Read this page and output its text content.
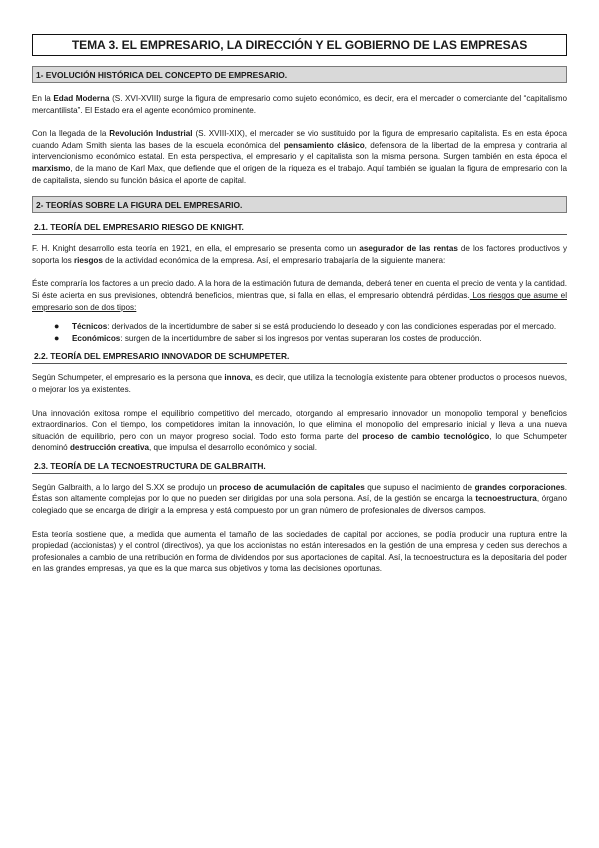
TEMA 3. EL EMPRESARIO, LA DIRECCIÓN Y EL GOBIERNO DE LAS EMPRESAS
1- EVOLUCIÓN HISTÓRICA DEL CONCEPTO DE EMPRESARIO.

En la Edad Moderna (S. XVI-XVIII) surge la figura de empresario como sujeto económico, es decir, era el mercader o comerciante del “capitalismo mercantilista”. El Estado era el agente económico prominente.

Con la llegada de la Revolución Industrial (S. XVIII-XIX), el mercader se vio sustituido por la figura de empresario capitalista. Es en esta época cuando Adam Smith sienta las bases de la escuela económica del pensamiento clásico, defensora de la libertad de la empresa y contraria al intervencionismo económico estatal. En esta perspectiva, el empresario y el capitalista son la misma persona. Surgen también en esta época el marxismo, de la mano de Karl Max, que defiende que el origen de la riqueza es el trabajo. Aquí también se igualan la figura de empresario con la de capitalista, siendo su función básica el aporte de capital.

2- TEORÍAS SOBRE LA FIGURA DEL EMPRESARIO.
2.1. TEORÍA DEL EMPRESARIO RIESGO DE KNIGHT.

F. H. Knight desarrollo esta teoría en 1921, en ella, el empresario se presenta como un asegurador de las rentas de los factores productivos y soporta los riesgos de la actividad económica de la empresa. Así, el empresario trabajaría de la siguiente manera:

Éste compraría los factores a un precio dado. A la hora de la estimación futura de demanda, deberá tener en cuenta el precio de venta y la cantidad. Si éste acierta en sus previsiones, obtendrá beneficios, mientras que, si falla en ellas, el empresario obtendrá pérdidas. Los riesgos que asume el empresario son de dos tipos:

● Técnicos: derivados de la incertidumbre de saber si se está produciendo lo deseado y con las condiciones esperadas por el mercado.
● Económicos: surgen de la incertidumbre de saber si los ingresos por ventas superaran los costes de producción.
2.2. TEORÍA DEL EMPRESARIO INNOVADOR DE SCHUMPETER.

Según Schumpeter, el empresario es la persona que innova, es decir, que utiliza la tecnología existente para obtener productos o procesos nuevos, o mejorar los ya existentes.

Una innovación exitosa rompe el equilibrio competitivo del mercado, otorgando al empresario innovador un monopolio temporal y beneficios extraordinarios. Con el tiempo, los competidores imitan la innovación, lo que elimina el monopolio del empresario inicial y lleva a una nueva situación de equilibrio, pero con un mayor progreso social. Todo esto forma parte del proceso de cambio tecnológico, lo que Schumpeter denominó destrucción creativa, que impulsa el desarrollo económico y social.

2.3. TEORÍA DE LA TECNOESTRUCTURA DE GALBRAITH.

Según Galbraith, a lo largo del S.XX se produjo un proceso de acumulación de capitales que supuso el nacimiento de grandes corporaciones. Éstas son altamente complejas por lo que no pueden ser dirigidas por una sola persona. Así, de la gestión se encarga la tecnoestructura, órgano colegiado que se encarga de dirigir a la empresa y está compuesto por un gran número de profesionales de diversos campos.

Esta teoría sostiene que, a medida que aumenta el tamaño de las sociedades de capital por acciones, se podía producir una ruptura entre la propiedad (accionistas) y el control (directivos), ya que los accionistas no están interesados en la gestión de una empresa y ceden sus derechos a profesionales a cambio de una retribución en forma de dividendos por sus aportaciones de capital. Así, la tecnoestructura es la depositaria del poder en las grandes empresas, ya que es la que marca sus objetivos y toma las decisiones oportunas.
